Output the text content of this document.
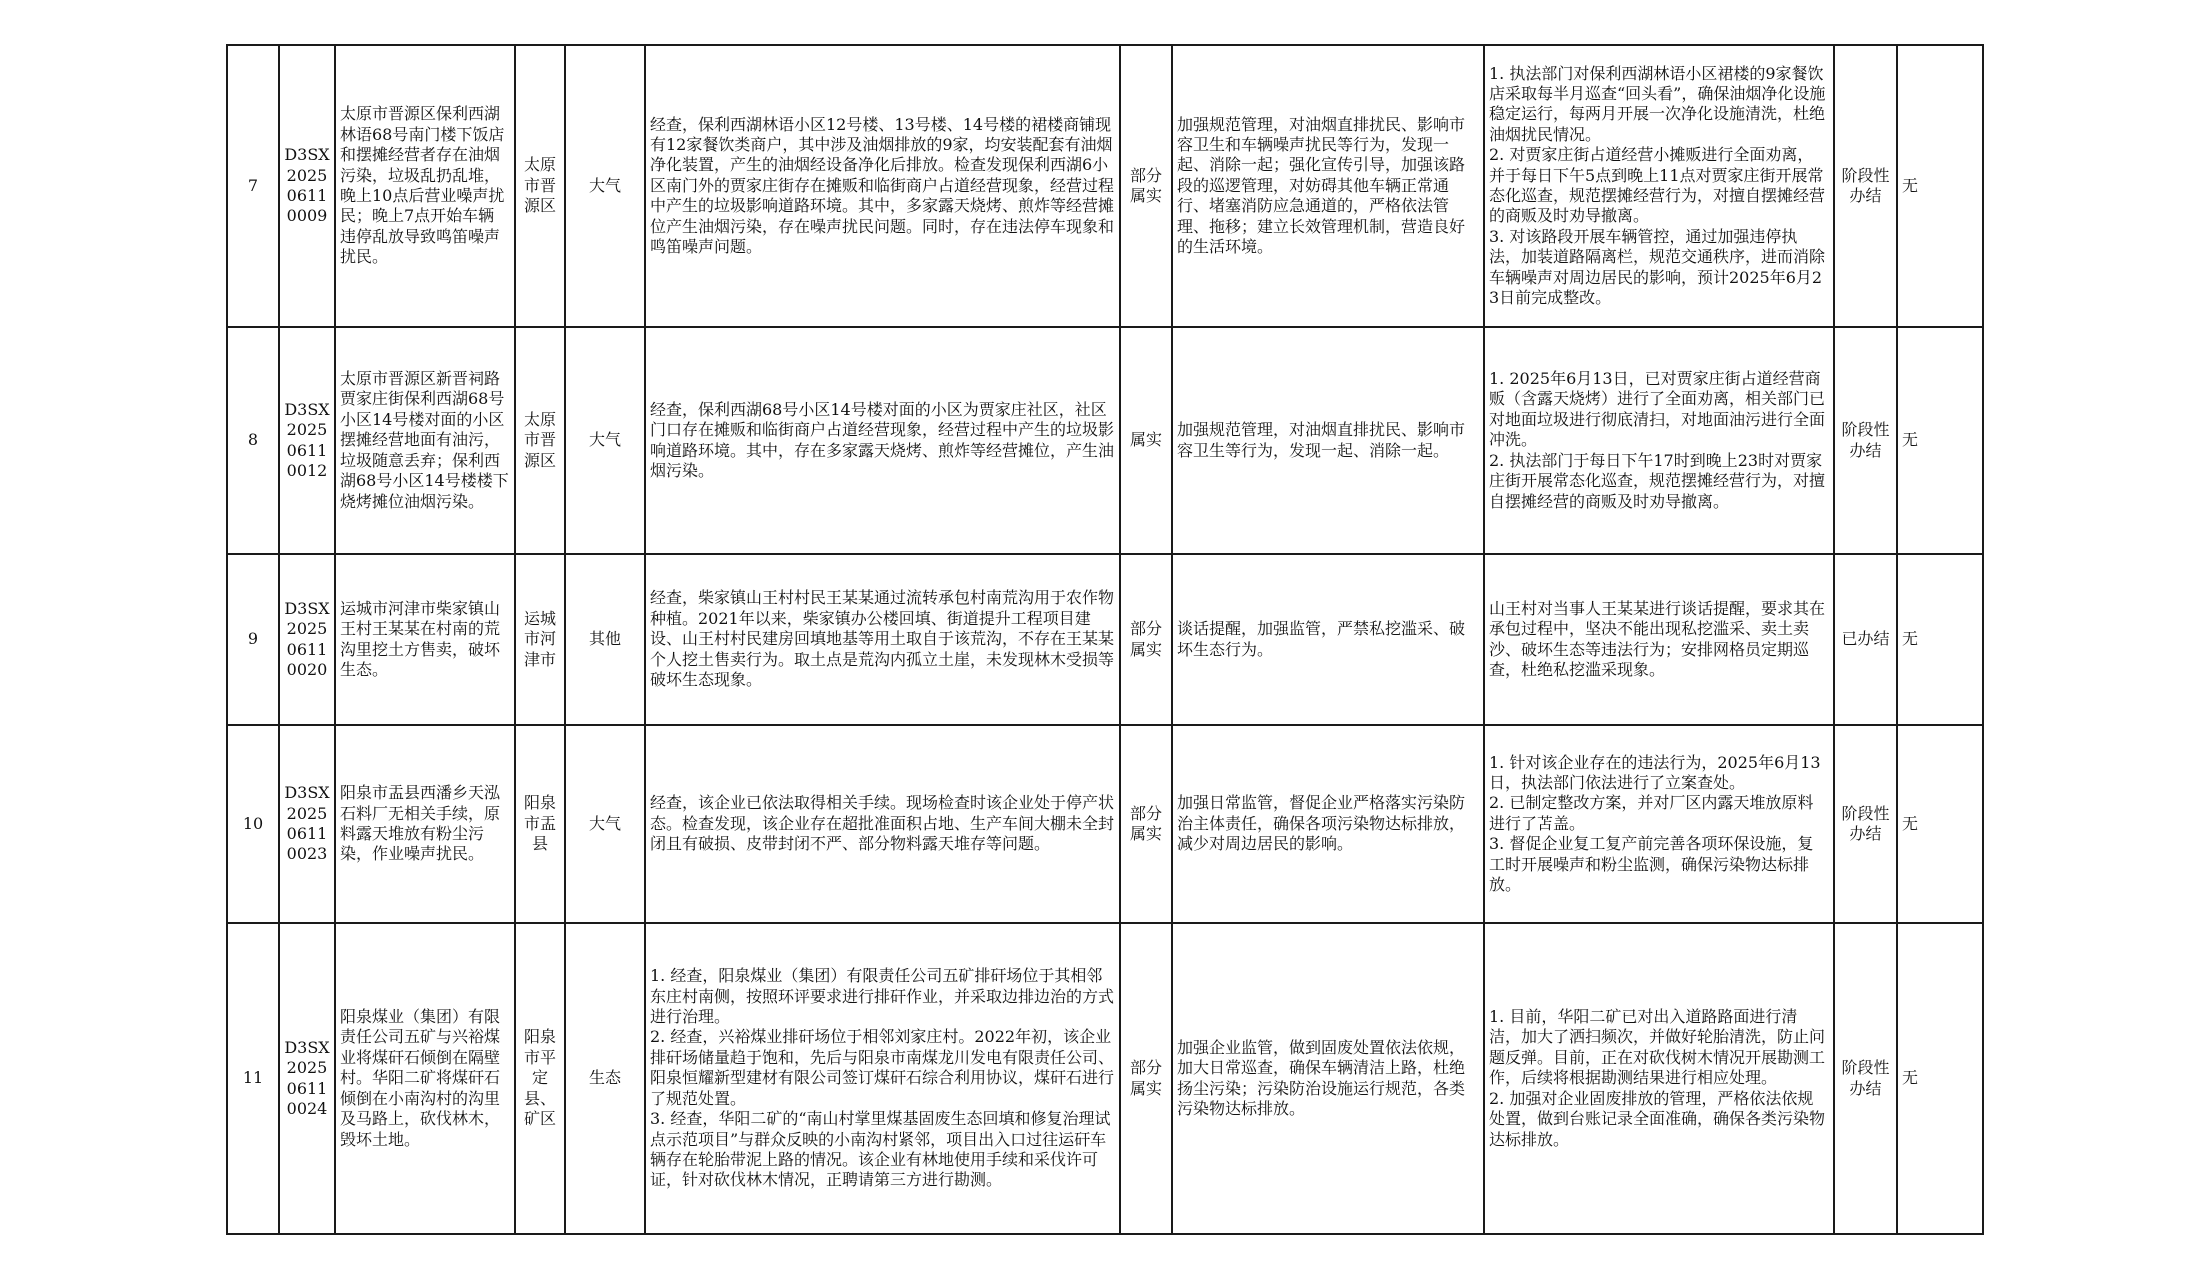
7	D3SX202506110009	太原市晋源区保利西湖林语68号南门楼下饭店和摆摊经营者存在油烟污染，垃圾乱扔乱堆，晚上10点后营业噪声扰民；晚上7点开始车辆违停乱放导致鸣笛噪声扰民。	太原市晋源区	大气	经查，保利西湖林语小区12号楼、13号楼、14号楼的裙楼商铺现有12家餐饮类商户，其中涉及油烟排放的9家，均安装配套有油烟净化装置，产生的油烟经设备净化后排放。检查发现保利西湖6小区南门外的贾家庄街存在摊贩和临街商户占道经营现象，经营过程中产生的垃圾影响道路环境。其中，多家露天烧烤、煎炸等经营摊位产生油烟污染，存在噪声扰民问题。同时，存在违法停车现象和鸣笛噪声问题。	部分属实	加强规范管理，对油烟直排扰民、影响市容卫生和车辆噪声扰民等行为，发现一起、消除一起；强化宣传引导，加强该路段的巡逻管理，对妨碍其他车辆正常通行、堵塞消防应急通道的，严格依法管理、拖移；建立长效管理机制，营造良好的生活环境。	1. 执法部门对保利西湖林语小区裙楼的9家餐饮店采取每半月巡查“回头看”，确保油烟净化设施稳定运行，每两月开展一次净化设施清洗，杜绝油烟扰民情况。
2. 对贾家庄街占道经营小摊贩进行全面劝离，并于每日下午5点到晚上11点对贾家庄街开展常态化巡查，规范摆摊经营行为，对擅自摆摊经营的商贩及时劝导撤离。
3. 对该路段开展车辆管控，通过加强违停执法，加装道路隔离栏，规范交通秩序，进而消除车辆噪声对周边居民的影响，预计2025年6月23日前完成整改。	阶段性办结	无
8	D3SX202506110012	太原市晋源区新晋祠路贾家庄街保利西湖68号小区14号楼对面的小区摆摊经营地面有油污，垃圾随意丢弃；保利西湖68号小区14号楼楼下烧烤摊位油烟污染。	太原市晋源区	大气	经查，保利西湖68号小区14号楼对面的小区为贾家庄社区，社区门口存在摊贩和临街商户占道经营现象，经营过程中产生的垃圾影响道路环境。其中，存在多家露天烧烤、煎炸等经营摊位，产生油烟污染。	属实	加强规范管理，对油烟直排扰民、影响市容卫生等行为，发现一起、消除一起。	1. 2025年6月13日，已对贾家庄街占道经营商贩（含露天烧烤）进行了全面劝离，相关部门已对地面垃圾进行彻底清扫，对地面油污进行全面冲洗。
2. 执法部门于每日下午17时到晚上23时对贾家庄街开展常态化巡查，规范摆摊经营行为，对擅自摆摊经营的商贩及时劝导撤离。	阶段性办结	无
9	D3SX202506110020	运城市河津市柴家镇山王村王某某在村南的荒沟里挖土方售卖，破坏生态。	运城市河津市	其他	经查，柴家镇山王村村民王某某通过流转承包村南荒沟用于农作物种植。2021年以来，柴家镇办公楼回填、街道提升工程项目建设、山王村村民建房回填地基等用土取自于该荒沟，不存在王某某个人挖土售卖行为。取土点是荒沟内孤立土崖，未发现林木受损等破坏生态现象。	部分属实	谈话提醒，加强监管，严禁私挖滥采、破坏生态行为。	山王村对当事人王某某进行谈话提醒，要求其在承包过程中，坚决不能出现私挖滥采、卖土卖沙、破坏生态等违法行为；安排网格员定期巡查，杜绝私挖滥采现象。	已办结	无
10	D3SX202506110023	阳泉市盂县西潘乡天泓石料厂无相关手续，原料露天堆放有粉尘污染，作业噪声扰民。	阳泉市盂县	大气	经查，该企业已依法取得相关手续。现场检查时该企业处于停产状态。检查发现，该企业存在超批准面积占地、生产车间大棚未全封闭且有破损、皮带封闭不严、部分物料露天堆存等问题。	部分属实	加强日常监管，督促企业严格落实污染防治主体责任，确保各项污染物达标排放，减少对周边居民的影响。	1. 针对该企业存在的违法行为，2025年6月13日，执法部门依法进行了立案查处。
2. 已制定整改方案，并对厂区内露天堆放原料进行了苫盖。
3. 督促企业复工复产前完善各项环保设施，复工时开展噪声和粉尘监测，确保污染物达标排放。	阶段性办结	无
11	D3SX202506110024	阳泉煤业（集团）有限责任公司五矿与兴裕煤业将煤矸石倾倒在隔壁村。华阳二矿将煤矸石倾倒在小南沟村的沟里及马路上，砍伐林木，毁坏土地。	阳泉市平定县、矿区	生态	1. 经查，阳泉煤业（集团）有限责任公司五矿排矸场位于其相邻东庄村南侧，按照环评要求进行排矸作业，并采取边排边治的方式进行治理。
2. 经查，兴裕煤业排矸场位于相邻刘家庄村。2022年初，该企业排矸场储量趋于饱和，先后与阳泉市南煤龙川发电有限责任公司、阳泉恒耀新型建材有限公司签订煤矸石综合利用协议，煤矸石进行了规范处置。
3. 经查，华阳二矿的“南山村掌里煤基固废生态回填和修复治理试点示范项目”与群众反映的小南沟村紧邻，项目出入口过往运矸车辆存在轮胎带泥上路的情况。该企业有林地使用手续和采伐许可证，针对砍伐林木情况，正聘请第三方进行勘测。	部分属实	加强企业监管，做到固废处置依法依规，加大日常巡查，确保车辆清洁上路，杜绝扬尘污染；污染防治设施运行规范，各类污染物达标排放。	1. 目前，华阳二矿已对出入道路路面进行清洁，加大了洒扫频次，并做好轮胎清洗，防止问题反弹。目前，正在对砍伐树木情况开展勘测工作，后续将根据勘测结果进行相应处理。
2. 加强对企业固废排放的管理，严格依法依规处置，做到台账记录全面准确，确保各类污染物达标排放。	阶段性办结	无
